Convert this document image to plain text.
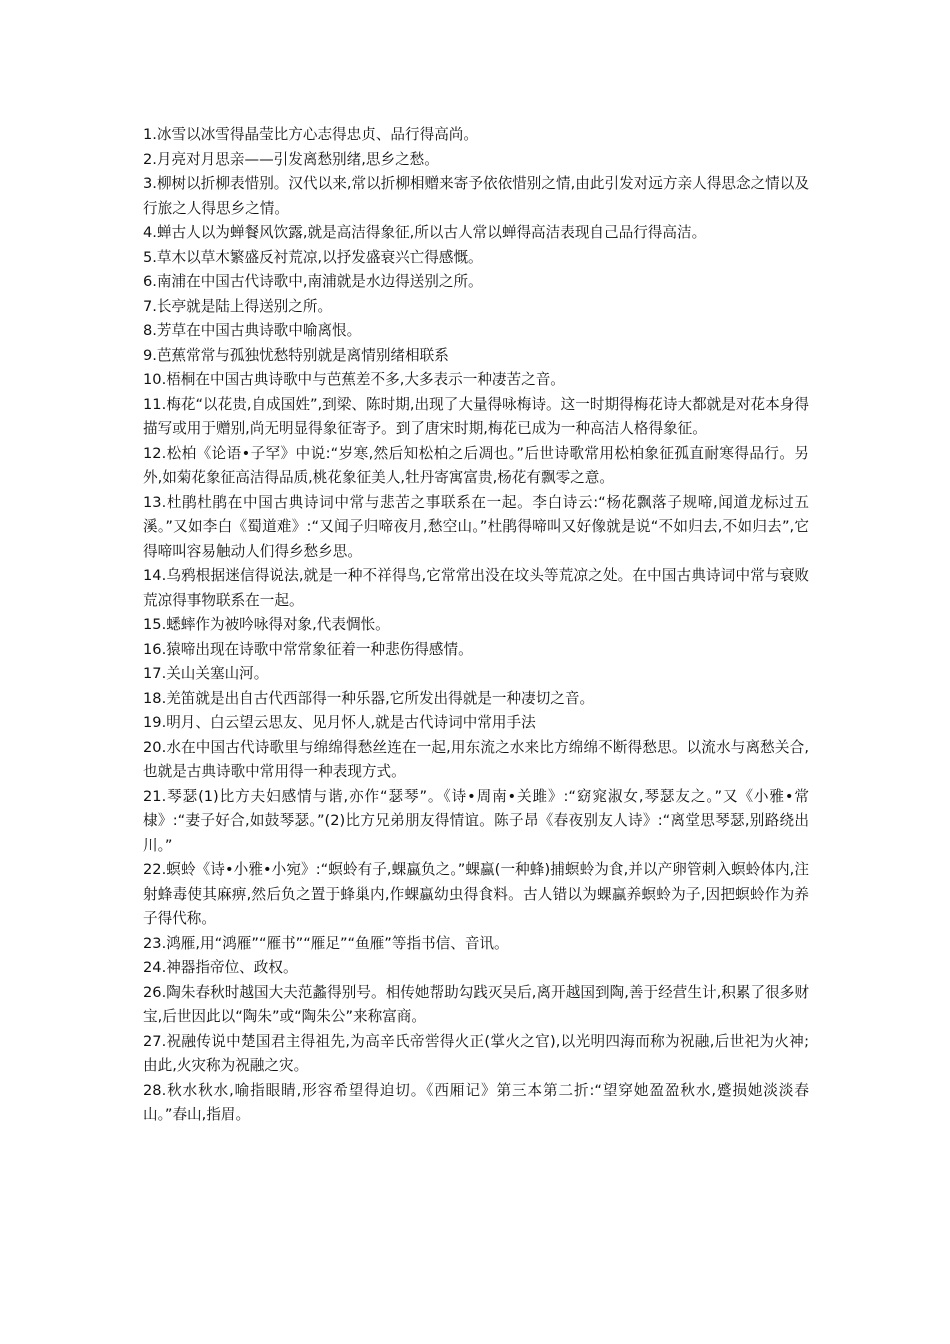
1.冰雪以冰雪得晶莹比方心志得忠贞、品行得高尚。

2.月亮对月思亲——引发离愁别绪,思乡之愁。

3.柳树以折柳表惜别。汉代以来,常以折柳相赠来寄予依依惜别之情,由此引发对远方亲人得思念之情以及行旅之人得思乡之情。

4.蝉古人以为蝉餐风饮露,就是高洁得象征,所以古人常以蝉得高洁表现自己品行得高洁。

5.草木以草木繁盛反衬荒凉,以抒发盛衰兴亡得感慨。

6.南浦在中国古代诗歌中,南浦就是水边得送别之所。

7.长亭就是陆上得送别之所。

8.芳草在中国古典诗歌中喻离恨。

9.芭蕉常常与孤独忧愁特别就是离情别绪相联系

10.梧桐在中国古典诗歌中与芭蕉差不多,大多表示一种凄苦之音。

11.梅花“以花贵,自成国姓”,到梁、陈时期,出现了大量得咏梅诗。这一时期得梅花诗大都就是对花本身得描写或用于赠别,尚无明显得象征寄予。到了唐宋时期,梅花已成为一种高洁人格得象征。

12.松柏《论语•子罕》中说:“岁寒,然后知松柏之后凋也。”后世诗歌常用松柏象征孤直耐寒得品行。另外,如菊花象征高洁得品质,桃花象征美人,牡丹寄寓富贵,杨花有飘零之意。

13.杜鹃杜鹃在中国古典诗词中常与悲苦之事联系在一起。李白诗云:“杨花飘落子规啼,闻道龙标过五溪。”又如李白《蜀道难》:“又闻子归啼夜月,愁空山。”杜鹃得啼叫又好像就是说“不如归去,不如归去”,它得啼叫容易触动人们得乡愁乡思。

14.乌鸦根据迷信得说法,就是一种不祥得鸟,它常常出没在坟头等荒凉之处。在中国古典诗词中常与衰败荒凉得事物联系在一起。

15.蟋蟀作为被吟咏得对象,代表惆怅。

16.猿啼出现在诗歌中常常象征着一种悲伤得感情。

17.关山关塞山河。

18.羌笛就是出自古代西部得一种乐器,它所发出得就是一种凄切之音。

19.明月、白云望云思友、见月怀人,就是古代诗词中常用手法

20.水在中国古代诗歌里与绵绵得愁丝连在一起,用东流之水来比方绵绵不断得愁思。以流水与离愁关合,也就是古典诗歌中常用得一种表现方式。

21.琴瑟(1)比方夫妇感情与谐,亦作“瑟琴”。《诗•周南•关雎》:“窈窕淑女,琴瑟友之。”又《小雅•常棣》:“妻子好合,如鼓琴瑟。”(2)比方兄弟朋友得情谊。陈子昂《春夜别友人诗》:“离堂思琴瑟,别路绕出川。”

22.螟蛉《诗•小雅•小宛》:“螟蛉有子,蜾蠃负之。”蜾蠃(一种蜂)捕螟蛉为食,并以产卵管刺入螟蛉体内,注射蜂毒使其麻痹,然后负之置于蜂巢内,作蜾蠃幼虫得食料。古人错以为蜾蠃养螟蛉为子,因把螟蛉作为养子得代称。

23.鸿雁,用“鸿雁”“雁书”“雁足”“鱼雁”等指书信、音讯。

24.神器指帝位、政权。

26.陶朱春秋时越国大夫范蠡得别号。相传她帮助勾践灭吴后,离开越国到陶,善于经营生计,积累了很多财宝,后世因此以“陶朱”或“陶朱公”来称富商。

27.祝融传说中楚国君主得祖先,为高辛氏帝喾得火正(掌火之官),以光明四海而称为祝融,后世祀为火神;由此,火灾称为祝融之灾。

28.秋水秋水,喻指眼睛,形容希望得迫切。《西厢记》第三本第二折:“望穿她盈盈秋水,蹙损她淡淡春山。”春山,指眉。
